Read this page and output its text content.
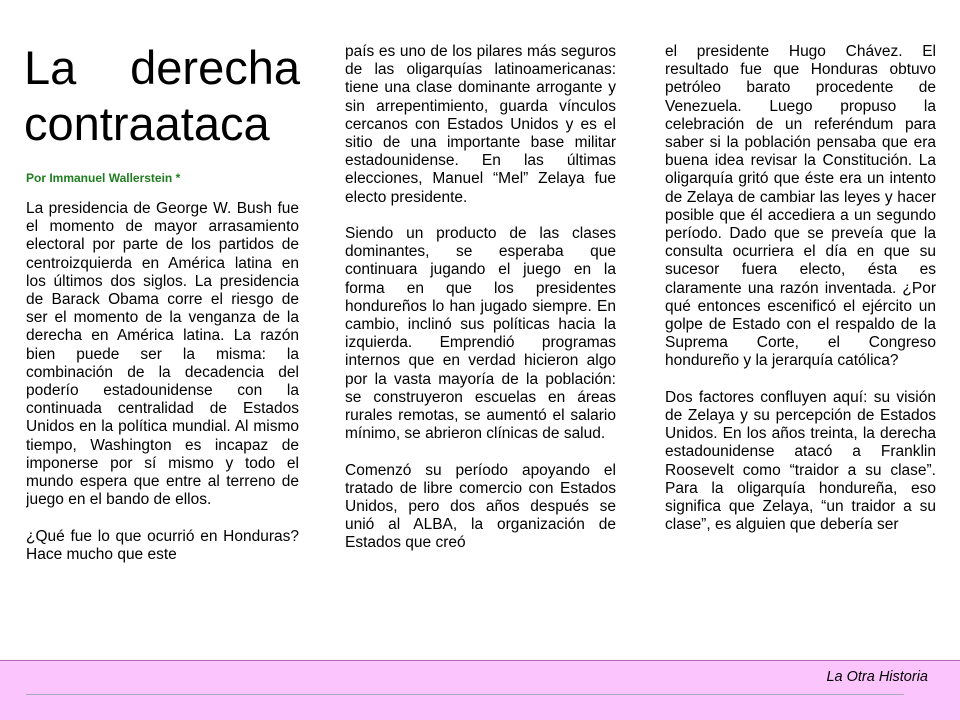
La derecha
contraataca
Por Immanuel Wallerstein *

La presidencia de George W. Bush fue el momento de mayor arrasamiento electoral por parte de los partidos de centroizquierda en América latina en los últimos dos siglos. La presidencia de Barack Obama corre el riesgo de ser el momento de la venganza de la derecha en América latina. La razón bien puede ser la misma: la combinación de la decadencia del poderío estadounidense con la continuada centralidad de Estados Unidos en la política mundial. Al mismo tiempo, Washington es incapaz de imponerse por sí mismo y todo el mundo espera que entre al terreno de juego en el bando de ellos.

¿Qué fue lo que ocurrió en Honduras? Hace mucho que este

país es uno de los pilares más seguros de las oligarquías latinoamericanas: tiene una clase dominante arrogante y sin arrepentimiento, guarda vínculos cercanos con Estados Unidos y es el sitio de una importante base militar estadounidense. En las últimas elecciones, Manuel “Mel” Zelaya fue electo presidente.

Siendo un producto de las clases dominantes, se esperaba que continuara jugando el juego en la forma en que los presidentes hondureños lo han jugado siempre. En cambio, inclinó sus políticas hacia la izquierda. Emprendió programas internos que en verdad hicieron algo por la vasta mayoría de la población: se construyeron escuelas en áreas rurales remotas, se aumentó el salario mínimo, se abrieron clínicas de salud.

Comenzó su período apoyando el tratado de libre comercio con Estados Unidos, pero dos años después se unió al ALBA, la organización de Estados que creó

el presidente Hugo Chávez. El resultado fue que Honduras obtuvo petróleo barato procedente de Venezuela. Luego propuso la celebración de un referéndum para saber si la población pensaba que era buena idea revisar la Constitución. La oligarquía gritó que éste era un intento de Zelaya de cambiar las leyes y hacer posible que él accediera a un segundo período. Dado que se preveía que la consulta ocurriera el día en que su sucesor fuera electo, ésta es claramente una razón inventada. ¿Por qué entonces escenificó el ejército un golpe de Estado con el respaldo de la Suprema Corte, el Congreso hondureño y la jerarquía católica?

Dos factores confluyen aquí: su visión de Zelaya y su percepción de Estados Unidos. En los años treinta, la derecha estadounidense atacó a Franklin Roosevelt como “traidor a su clase”. Para la oligarquía hondureña, eso significa que Zelaya, “un traidor a su clase”, es alguien que debería ser

La Otra Historia
